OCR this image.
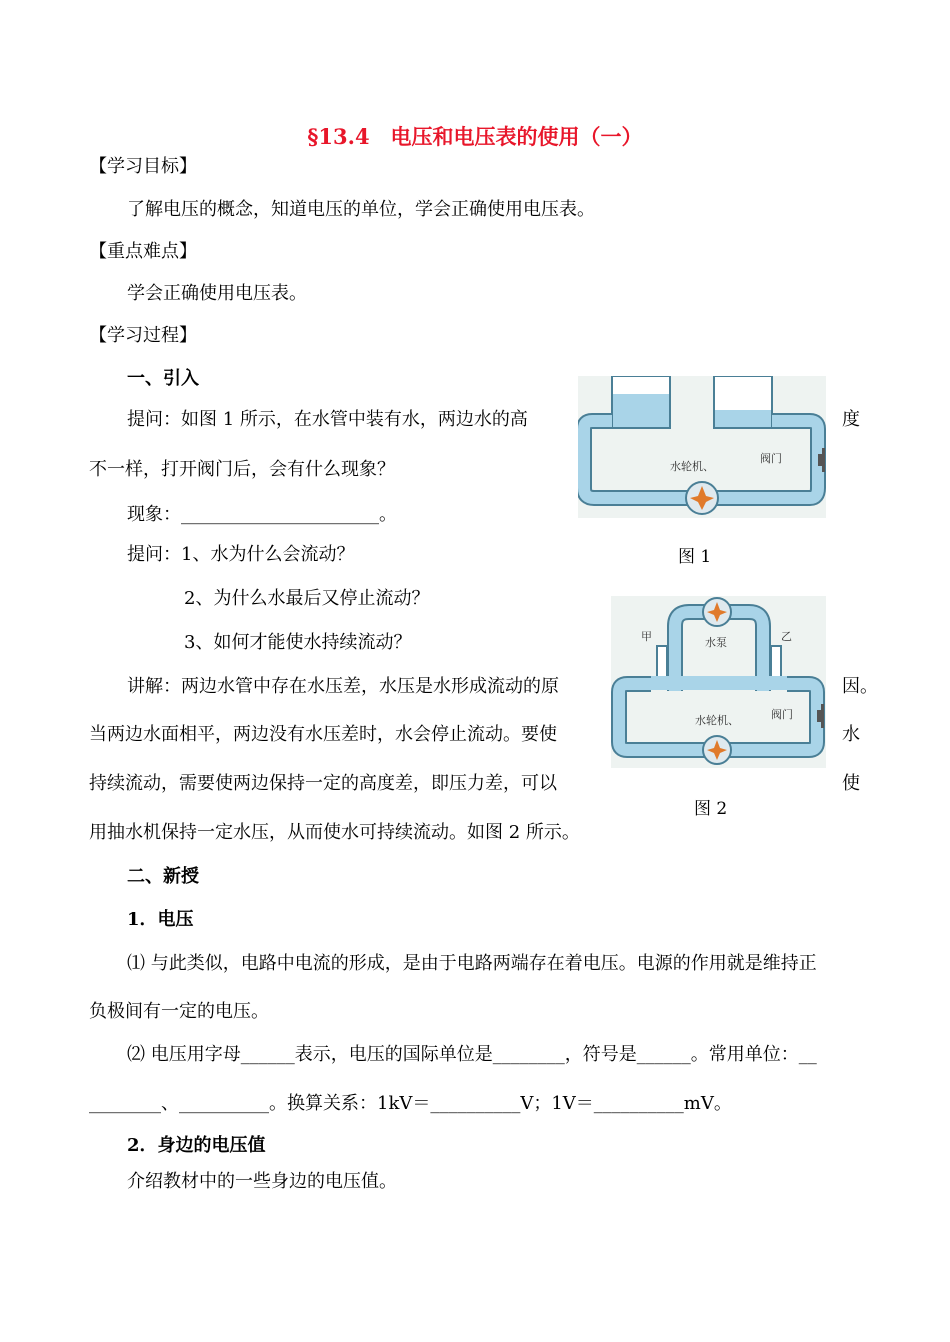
§13.4　电压和电压表的使用（一）
【学习目标】
了解电压的概念，知道电压的单位，学会正确使用电压表。
【重点难点】
学会正确使用电压表。
【学习过程】
一、引入
提问：如图 1 所示，在水管中装有水，两边水的高	度
不一样，打开阀门后，会有什么现象？
现象：______________________。
提问：1、水为什么会流动？
2、为什么水最后又停止流动？
3、如何才能使水持续流动？
讲解：两边水管中存在水压差，水压是水形成流动的原	因。
当两边水面相平，两边没有水压差时，水会停止流动。要使	水
持续流动，需要使两边保持一定的高度差，即压力差，可以	使
用抽水机保持一定水压，从而使水可持续流动。如图 2 所示。
二、新授
1．电压
⑴ 与此类似，电路中电流的形成，是由于电路两端存在着电压。电源的作用就是维持正
负极间有一定的电压。
⑵ 电压用字母______表示，电压的国际单位是________，符号是______。常用单位：__
________、__________。换算关系：1kV＝__________V；1V＝__________mV。
2．身边的电压值
介绍教材中的一些身边的电压值。
水轮机、
阀门
图 1
甲	乙
水泵
水轮机、	阀门
图 2
